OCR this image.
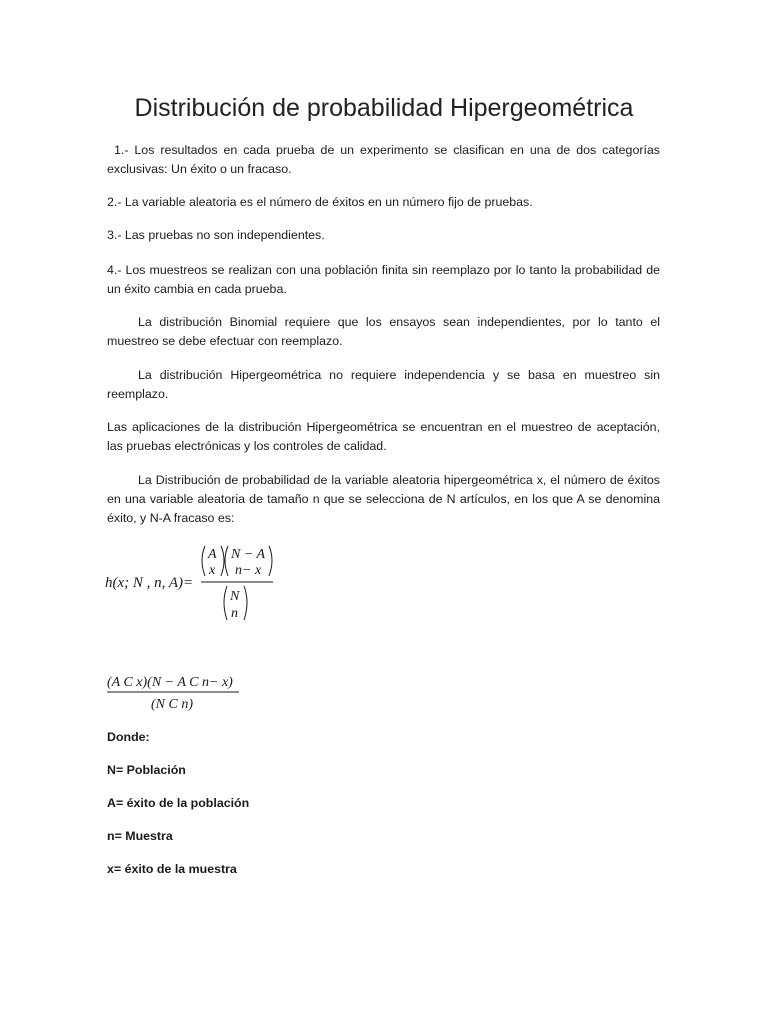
Distribución de probabilidad Hipergeométrica
1.- Los resultados en cada prueba de un experimento se clasifican en una de dos categorías exclusivas: Un éxito o un fracaso.
2.- La variable aleatoria es el número de éxitos en un número fijo de pruebas.
3.- Las pruebas no son independientes.
4.- Los muestreos se realizan con una población finita sin reemplazo por lo tanto la probabilidad de un éxito cambia en cada prueba.
La distribución Binomial requiere que los ensayos sean independientes, por lo tanto el muestreo se debe efectuar con reemplazo.
La distribución Hipergeométrica no requiere independencia y se basa en muestreo sin reemplazo.
Las aplicaciones de la distribución Hipergeométrica se encuentran en el muestreo de aceptación, las pruebas electrónicas y los controles de calidad.
La Distribución de probabilidad de la variable aleatoria hipergeométrica x, el número de éxitos en una variable aleatoria de tamaño n que se selecciona de N artículos, en los que A se denomina éxito, y N-A fracaso es:
h(x; N , n, A)=
A
x
N − A
n− x
N
n
(A C x)(N − A C n− x)
(N C n)
Donde:
N= Población
A= éxito de la población
n= Muestra
x= éxito de la muestra
